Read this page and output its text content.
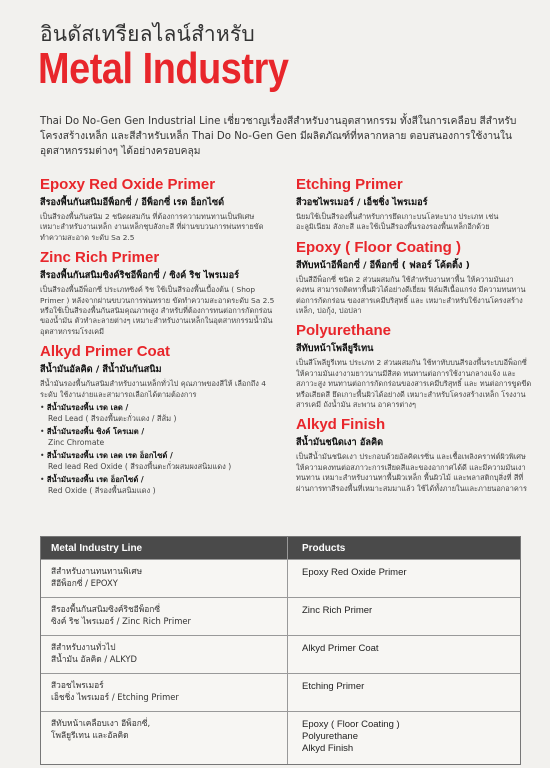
อินดัสเทรียลไลน์สำหรับ
Metal Industry
Thai Do No-Gen Gen Industrial Line เชี่ยวชาญเรื่องสีสำหรับงานอุตสาหกรรม ทั้งสีในการเคลือบ สีสำหรับโครงสร้างเหล็ก และสีสำหรับเหล็ก Thai Do No-Gen Gen มีผลิตภัณฑ์ที่หลากหลาย ตอบสนองการใช้งานในอุตสาหกรรมต่างๆ ได้อย่างครอบคลุม
Epoxy Red Oxide Primer
สีรองพื้นกันสนิมอีพ็อกซี่ / อีพ็อกซี่ เรด อ็อกไซด์

เป็นสีรองพื้นกันสนิม 2 ชนิดผสมกัน ที่ต้องการความทนทานเป็นพิเศษ เหมาะสำหรับงานเหล็ก งานเหล็กชุบสังกะสี ที่ผ่านขบวนการพ่นทรายขัดทำความสะอาด ระดับ Sa 2.5

Zinc Rich Primer
สีรองพื้นกันสนิมซิงค์ริชอีพ็อกซี่ / ซิงค์ ริช ไพรเมอร์

เป็นสีรองพื้นอีพ็อกซี่ ประเภทซิงค์ ริช ใช้เป็นสีรองพื้นเบื้องต้น ( Shop Primer ) หลังจากผ่านขบวนการพ่นทราย ขัดทำความสะอาดระดับ Sa 2.5 หรือใช้เป็นสีรองพื้นกันสนิมคุณภาพสูง สำหรับที่ต้องการทนต่อการกัดกร่อนของน้ำมัน ตัวทำละลายต่างๆ เหมาะสำหรับงานเหล็กในอุตสาหกรรมน้ำมัน อุตสาหกรรมโรงเคมี

Alkyd Primer Coat
สีน้ำมันอัลคิด / สีน้ำมันกันสนิม

สีน้ำมันรองพื้นกันสนิมสำหรับงานเหล็กทั่วไป คุณภาพของสีให้ เลือกถึง 4 ระดับ ใช้งานง่ายและสามารถเลือกได้ตามต้องการ

• สีน้ำมันรองพื้น เรด เลด /
Red Lead ( สีรองพื้นตะกั่วแดง / สีส้ม )
• สีน้ำมันรองพื้น ซิงค์ โครเมต /
Zinc Chromate
• สีน้ำมันรองพื้น เรด เลด เรด อ็อกไซด์ /
Red lead Red Oxide ( สีรองพื้นตะกั่วผสมผงสนิมแดง )
• สีน้ำมันรองพื้น เรด อ็อกไซด์ /
Red Oxide ( สีรองพื้นสนิมแดง )
Etching Primer
สีวอชไพรเมอร์ / เอ็ชชิ่ง ไพรเมอร์

นิยมใช้เป็นสีรองพื้นสำหรับการยึดเกาะบนโลหะบาง ประเภท เช่น อะลูมิเนียม สังกะสี และใช้เป็นสีรองพื้นรองรองพื้นเหล็กอีกด้วย

Epoxy ( Floor Coating )
สีทับหน้าอีพ็อกซี่ / อีพ็อกซี่ ( ฟลอร์ โค้ตติ้ง )

เป็นสีอีพ็อกซี่ ชนิด 2 ส่วนผสมกัน ใช้สำหรับงานทาพื้น ให้ความมันเงา คงทน สามารถติดทาพื้นผิวได้อย่างดีเยี่ยม ฟิล์มสีเนื้อแกร่ง มีความทนทานต่อการกัดกร่อน ของสารเคมีบริสุทธิ์ และ เหมาะสำหรับใช้งานโครงสร้างเหล็ก, บ่อกุ้ง, บ่อปลา

Polyurethane
สีทับหน้าโพลียูรีเทน

เป็นสีโพลียูรีเทน ประเภท 2 ส่วนผสมกัน ใช้ทาทับบนสีรองพื้นระบบอีพ็อกซี่ให้ความมันเงางามยาวนานมีสีสด ทนทานต่อการใช้งานกลางแจ้ง และสภาวะสูง ทนทานต่อการกัดกร่อนของสารเคมีบริสุทธิ์ และ ทนต่อการขูดขีด หรือเสียดสี ยึดเกาะพื้นผิวได้อย่างดี เหมาะสำหรับโครงสร้างเหล็ก โรงงาน สารเคมี ถังน้ำมัน สะพาน อาคารต่างๆ

Alkyd Finish
สีน้ำมันชนิดเงา อัลคิด

เป็นสีน้ำมันชนิดเงา ประกอบด้วยอัลคิดเรซิ่น และเชื้อเพลิงคราฟต์ผิวพิเศษ ให้ความคงทนต่อสภาวะการเสียดสีและของอากาศได้ดี และมีความมันเงา ทนทาน เหมาะสำหรับงานทาพื้นผิวเหล็ก พื้นผิวไม้ และพลาสติกบุสิ่งที่ สีที่ผ่านการทาสีรองพื้นที่เหมาะสมมาแล้ว ใช้ได้ทั้งภายในและภายนอกอาคาร

Metal Industry Line	Products
สีสำหรับงานทนทานพิเศษ
สีอีพ็อกซี่ / EPOXY
Epoxy Red Oxide Primer
สีรองพื้นกันสนิมซิงค์ริชอีพ็อกซี่
ซิงค์ ริช ไพรเมอร์ / Zinc Rich Primer
Zinc Rich Primer
สีสำหรับงานทั่วไป
สีน้ำมัน อัลคิด / ALKYD
Alkyd Primer Coat
สีวอชไพรเมอร์
เอ็ชชิ่ง ไพรเมอร์ / Etching Primer
Etching Primer
สีทับหน้าเคลือบเงา อีพ็อกซี่,
โพลียูรีเทน และอัลคิด
Epoxy ( Floor Coating )
Polyurethane
Alkyd Finish
